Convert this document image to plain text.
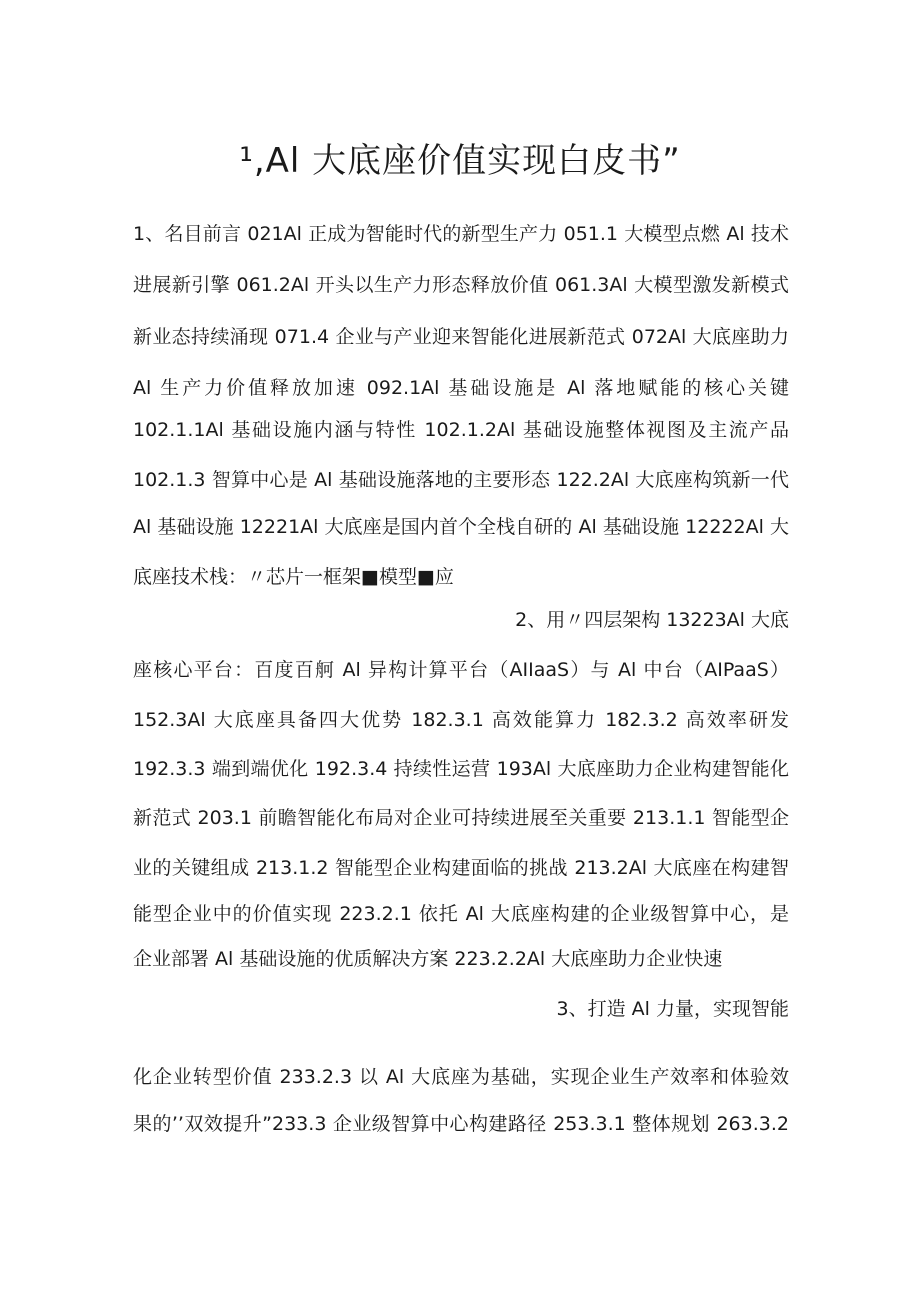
¹,Al 大底座价值实现白皮书”
1、名目前言 021Al 正成为智能时代的新型生产力 051.1 大模型点燃 Al 技术
进展新引擎 061.2Al 开头以生产力形态释放价值 061.3Al 大模型激发新模式
新业态持续涌现 071.4 企业与产业迎来智能化进展新范式 072Al 大底座助力
Al 生产力价值释放加速 092.1Al 基础设施是 Al 落地赋能的核心关键
102.1.1Al 基础设施内涵与特性 102.1.2Al 基础设施整体视图及主流产品
102.1.3 智算中心是 Al 基础设施落地的主要形态 122.2Al 大底座构筑新一代
Al 基础设施 12221Al 大底座是国内首个全栈自研的 Al 基础设施 12222Al 大
底座技术栈：〃芯片一框架■模型■应
2、用〃四层架构 13223Al 大底
座核心平台：百度百舸 Al 异构计算平台（AIIaaS）与 Al 中台（AIPaaS）
152.3Al 大底座具备四大优势 182.3.1 高效能算力 182.3.2 高效率研发
192.3.3 端到端优化 192.3.4 持续性运营 193Al 大底座助力企业构建智能化
新范式 203.1 前瞻智能化布局对企业可持续进展至关重要 213.1.1 智能型企
业的关键组成 213.1.2 智能型企业构建面临的挑战 213.2Al 大底座在构建智
能型企业中的价值实现 223.2.1 依托 Al 大底座构建的企业级智算中心，是
企业部署 Al 基础设施的优质解决方案 223.2.2Al 大底座助力企业快速
3、打造 Al 力量，实现智能
化企业转型价值 233.2.3 以 Al 大底座为基础，实现企业生产效率和体验效
果的’’双效提升”233.3 企业级智算中心构建路径 253.3.1 整体规划 263.3.2
